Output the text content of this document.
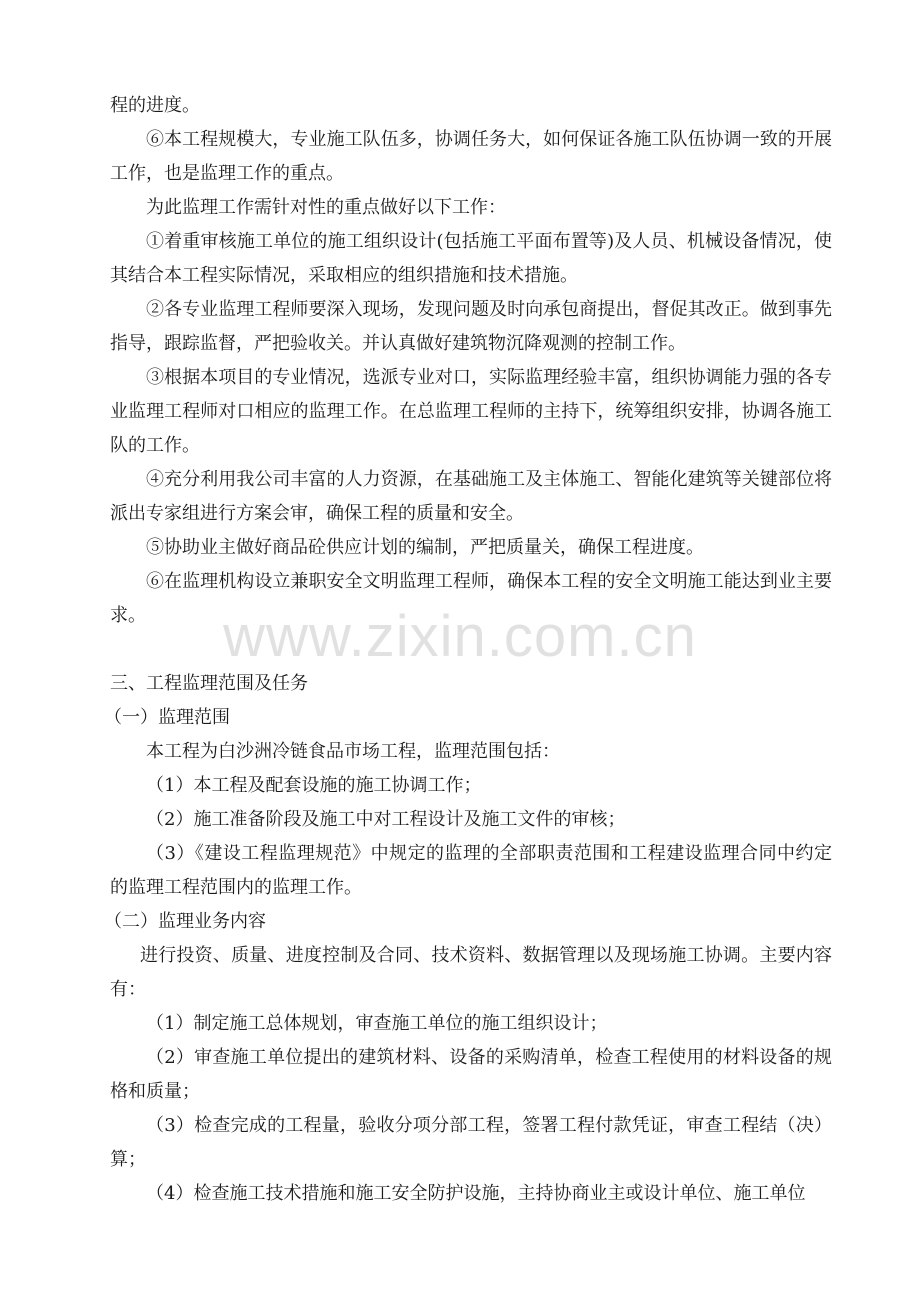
程的进度。

⑥本工程规模大，专业施工队伍多，协调任务大，如何保证各施工队伍协调一致的开展工作，也是监理工作的重点。

为此监理工作需针对性的重点做好以下工作：

①着重审核施工单位的施工组织设计(包括施工平面布置等)及人员、机械设备情况，使其结合本工程实际情况，采取相应的组织措施和技术措施。

②各专业监理工程师要深入现场，发现问题及时向承包商提出，督促其改正。做到事先指导，跟踪监督，严把验收关。并认真做好建筑物沉降观测的控制工作。

③根据本项目的专业情况，选派专业对口，实际监理经验丰富，组织协调能力强的各专业监理工程师对口相应的监理工作。在总监理工程师的主持下，统筹组织安排，协调各施工队的工作。

④充分利用我公司丰富的人力资源，在基础施工及主体施工、智能化建筑等关键部位将派出专家组进行方案会审，确保工程的质量和安全。

⑤协助业主做好商品砼供应计划的编制，严把质量关，确保工程进度。

⑥在监理机构设立兼职安全文明监理工程师，确保本工程的安全文明施工能达到业主要求。

三、工程监理范围及任务

（一）监理范围

本工程为白沙洲冷链食品市场工程，监理范围包括：

（1）本工程及配套设施的施工协调工作；

（2）施工准备阶段及施工中对工程设计及施工文件的审核；

（3）《建设工程监理规范》中规定的监理的全部职责范围和工程建设监理合同中约定的监理工程范围内的监理工作。

（二）监理业务内容

进行投资、质量、进度控制及合同、技术资料、数据管理以及现场施工协调。主要内容有：

（1）制定施工总体规划，审查施工单位的施工组织设计；

（2）审查施工单位提出的建筑材料、设备的采购清单，检查工程使用的材料设备的规格和质量；

（3）检查完成的工程量，验收分项分部工程，签署工程付款凭证，审查工程结（决）算；

（4）检查施工技术措施和施工安全防护设施，主持协商业主或设计单位、施工单位

www.zixin.com.cn
